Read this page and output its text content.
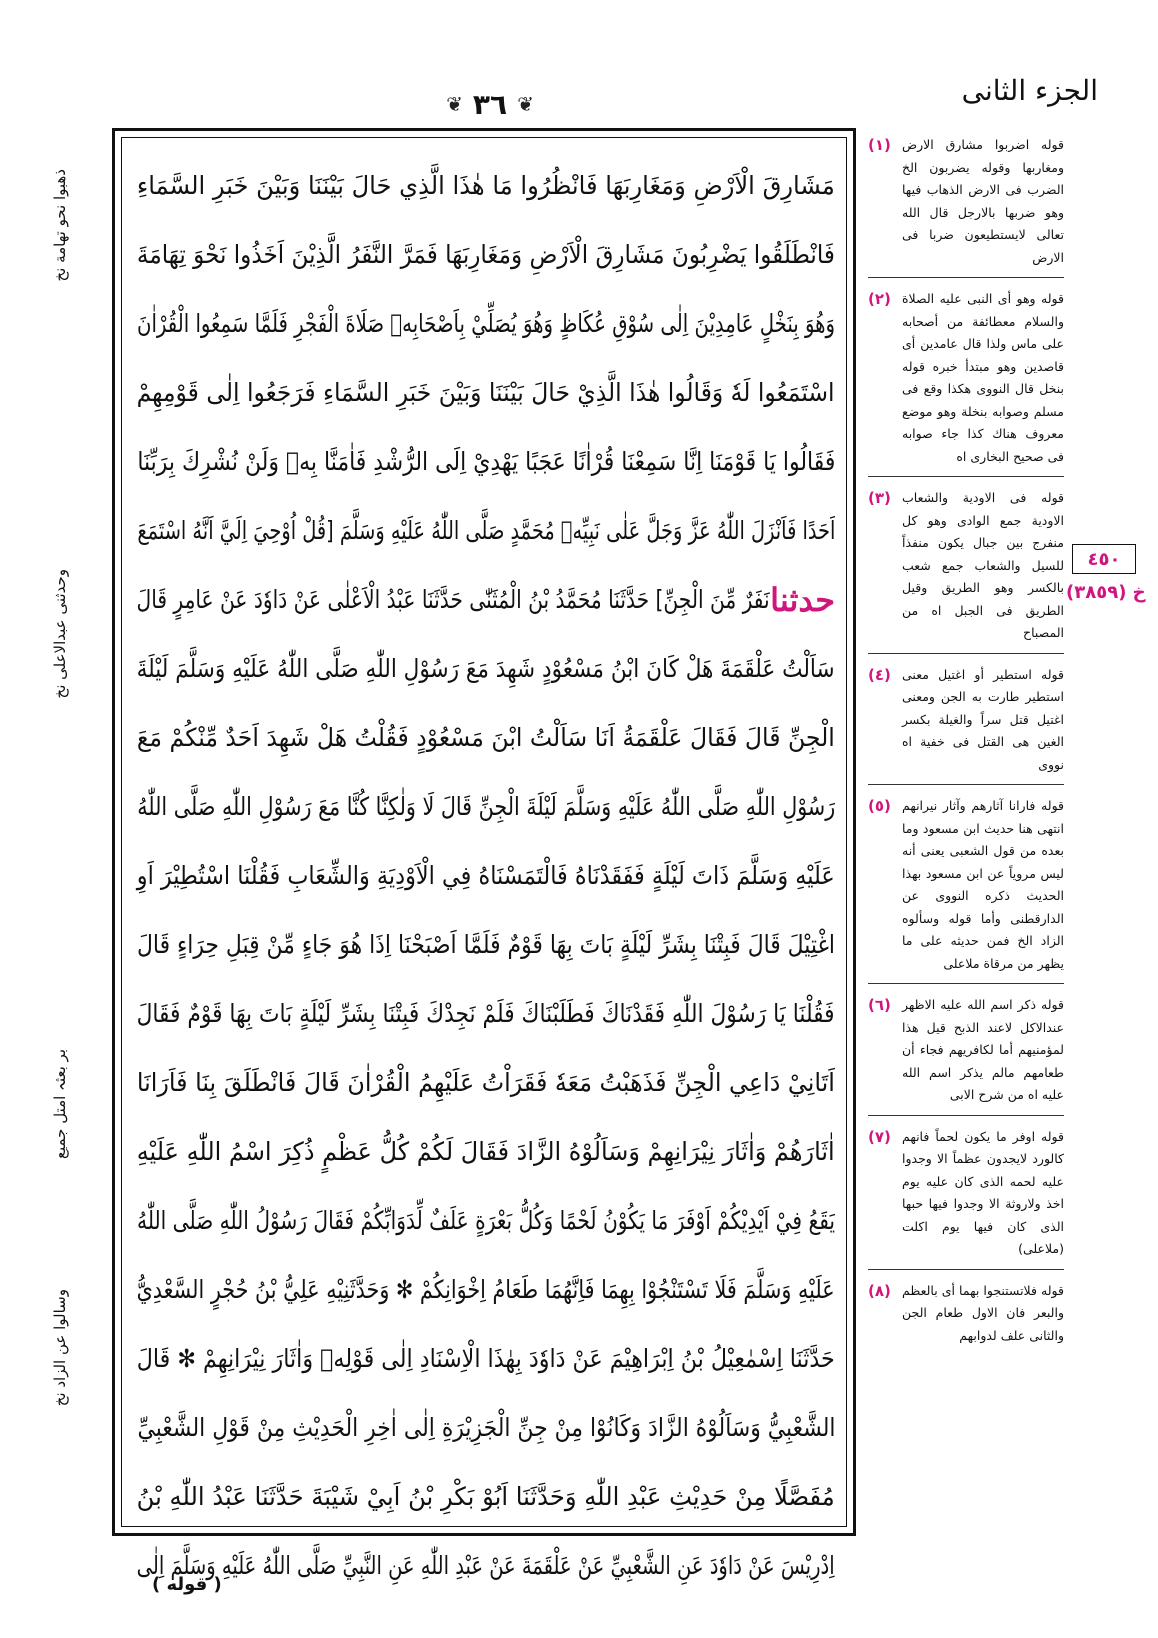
الجزء الثانی
❦ ٣٦ ❦
مَشَارِقَ الْاَرْضِ وَمَغَارِبَهَا فَانْظُرُوا مَا هٰذَا الَّذِي حَالَ بَيْنَنَا وَبَيْنَ خَبَرِ السَّمَاءِ
فَانْطَلَقُوا يَضْرِبُونَ مَشَارِقَ الْاَرْضِ وَمَغَارِبَهَا فَمَرَّ النَّفَرُ الَّذِيْنَ اَخَذُوا نَحْوَ تِهَامَةَ
وَهُوَ بِنَخْلٍ عَامِدِيْنَ اِلٰى سُوْقِ عُكَاظٍ وَهُوَ يُصَلِّيْ بِاَصْحَابِهٖ صَلَاةَ الْفَجْرِ فَلَمَّا سَمِعُوا الْقُرْاٰنَ
اسْتَمَعُوا لَهٗ وَقَالُوا هٰذَا الَّذِيْ حَالَ بَيْنَنَا وَبَيْنَ خَبَرِ السَّمَاءِ فَرَجَعُوا اِلٰى قَوْمِهِمْ
فَقَالُوا يَا قَوْمَنَا اِنَّا سَمِعْنَا قُرْاٰنًا عَجَبًا يَهْدِيْ اِلَى الرُّشْدِ فَاٰمَنَّا بِهٖ وَلَنْ نُشْرِكَ بِرَبِّنَا
اَحَدًا فَاَنْزَلَ اللّٰهُ عَزَّ وَجَلَّ عَلٰى نَبِيِّهٖ مُحَمَّدٍ صَلَّى اللّٰهُ عَلَيْهِ وَسَلَّمَ [قُلْ اُوْحِيَ اِلَيَّ اَنَّهُ اسْتَمَعَ
حدثنا
نَفَرٌ مِّنَ الْجِنِّ] حَدَّثَنَا مُحَمَّدُ بْنُ الْمُثَنّٰى حَدَّثَنَا عَبْدُ الْاَعْلٰى عَنْ دَاوٗدَ عَنْ عَامِرٍ قَالَ
سَاَلْتُ عَلْقَمَةَ هَلْ كَانَ ابْنُ مَسْعُوْدٍ شَهِدَ مَعَ رَسُوْلِ اللّٰهِ صَلَّى اللّٰهُ عَلَيْهِ وَسَلَّمَ لَيْلَةَ
الْجِنِّ قَالَ فَقَالَ عَلْقَمَةُ اَنَا سَاَلْتُ ابْنَ مَسْعُوْدٍ فَقُلْتُ هَلْ شَهِدَ اَحَدٌ مِّنْكُمْ مَعَ
رَسُوْلِ اللّٰهِ صَلَّى اللّٰهُ عَلَيْهِ وَسَلَّمَ لَيْلَةَ الْجِنِّ قَالَ لَا وَلٰكِنَّا كُنَّا مَعَ رَسُوْلِ اللّٰهِ صَلَّى اللّٰهُ
عَلَيْهِ وَسَلَّمَ ذَاتَ لَيْلَةٍ فَفَقَدْنَاهُ فَالْتَمَسْنَاهُ فِي الْاَوْدِيَةِ وَالشِّعَابِ فَقُلْنَا اسْتُطِيْرَ اَوِ
اغْتِيْلَ قَالَ فَبِتْنَا بِشَرِّ لَيْلَةٍ بَاتَ بِهَا قَوْمٌ فَلَمَّا اَصْبَحْنَا اِذَا هُوَ جَاءٍ مِّنْ قِبَلِ حِرَاءٍ قَالَ
فَقُلْنَا يَا رَسُوْلَ اللّٰهِ فَقَدْنَاكَ فَطَلَبْنَاكَ فَلَمْ نَجِدْكَ فَبِتْنَا بِشَرِّ لَيْلَةٍ بَاتَ بِهَا قَوْمٌ فَقَالَ
اَتَانِيْ دَاعِي الْجِنِّ فَذَهَبْتُ مَعَهٗ فَقَرَاْتُ عَلَيْهِمُ الْقُرْاٰنَ قَالَ فَانْطَلَقَ بِنَا فَاَرَانَا
اٰثَارَهُمْ وَاٰثَارَ نِيْرَانِهِمْ وَسَاَلُوْهُ الزَّادَ فَقَالَ لَكُمْ كُلُّ عَظْمٍ ذُكِرَ اسْمُ اللّٰهِ عَلَيْهِ
يَقَعُ فِيْ اَيْدِيْكُمْ اَوْفَرَ مَا يَكُوْنُ لَحْمًا وَكُلُّ بَعْرَةٍ عَلَفٌ لِّدَوَابِّكُمْ فَقَالَ رَسُوْلُ اللّٰهِ صَلَّى اللّٰهُ
عَلَيْهِ وَسَلَّمَ فَلَا تَسْتَنْجُوْا بِهِمَا فَاِنَّهُمَا طَعَامُ اِخْوَانِكُمْ ✻ وَحَدَّثَنِيْهِ عَلِيُّ بْنُ حُجْرٍ السَّعْدِيُّ
حَدَّثَنَا اِسْمٰعِيْلُ بْنُ اِبْرَاهِيْمَ عَنْ دَاوٗدَ بِهٰذَا الْاِسْنَادِ اِلٰى قَوْلِهٖ وَاٰثَارَ نِيْرَانِهِمْ ✻ قَالَ
الشَّعْبِيُّ وَسَاَلُوْهُ الزَّادَ وَكَانُوْا مِنْ جِنِّ الْجَزِيْرَةِ اِلٰى اٰخِرِ الْحَدِيْثِ مِنْ قَوْلِ الشَّعْبِيِّ
مُفَصَّلًا مِنْ حَدِيْثِ عَبْدِ اللّٰهِ وَحَدَّثَنَا اَبُوْ بَكْرِ بْنُ اَبِيْ شَيْبَةَ حَدَّثَنَا عَبْدُ اللّٰهِ بْنُ
اِدْرِيْسَ عَنْ دَاوٗدَ عَنِ الشَّعْبِيِّ عَنْ عَلْقَمَةَ عَنْ عَبْدِ اللّٰهِ عَنِ النَّبِيِّ صَلَّى اللّٰهُ عَلَيْهِ وَسَلَّمَ اِلٰى
(١) قوله اضربوا مشارق الارض ومغاربها وقوله يضربون الخ الضرب فى الارض الذهاب فيها وهو ضربها بالارجل قال الله تعالى لايستطيعون ضربا فى الارض
(٢) قوله وهو أى النبى عليه الصلاة والسلام معطائفة من أصحابه على ماس ولذا قال عامدين أى قاصدين وهو مبتدأ خبره قوله بنخل قال النووى هكذا وقع فى مسلم وصوابه بنخلة وهو موضع معروف هناك كذا جاء صوابه فى صحيح البخارى اه
(٣) قوله فى الاودية والشعاب الاودية جمع الوادى وهو كل منفرج بين جبال يكون منفذاً للسيل والشعاب جمع شعب بالكسر وهو الطريق وقيل الطريق فى الجبل اه من المصباح
(٤) قوله استطير أو اغتيل معنى استطير طارت به الجن ومعنى اغتيل قتل سراً والغيلة بكسر الغين هى القتل فى خفية اه نووى
(٥) قوله فارانا آثارهم وآثار نيرانهم انتهى هنا حديث ابن مسعود وما بعده من قول الشعبى يعنى أنه ليس مروياً عن ابن مسعود بهذا الحديث ذكره النووى عن الدارقطنى وأما قوله وسألوه الزاد الخ فمن حديثه على ما يظهر من مرقاة ملاعلى
(٦) قوله ذكر اسم الله عليه الاظهر عندالاكل لاعند الذبح قيل هذا لمؤمنيهم أما لكافريهم فجاء أن طعامهم مالم يذكر اسم الله عليه اه من شرح الابى
(٧) قوله اوفر ما يكون لحماً فانهم كالورد لايجدون عظماً الا وجدوا عليه لحمه الذى كان عليه يوم اخذ ولاروثة الا وجدوا فيها حبها الذى كان فيها يوم اكلت (ملاعلى)
(٨) قوله فلاتستنجوا بهما أى بالعظم والبعر فان الاول طعام الجن والثانى علف لدوابهم
٤٥٠
خ (٣٨٥٩)
ذهبوا نحو تهامة نخ
وحدثنی عبدالاعلی نخ
بر بعثہ امتل جمیع
وسالوا عن الزاد نخ
( قوله )
